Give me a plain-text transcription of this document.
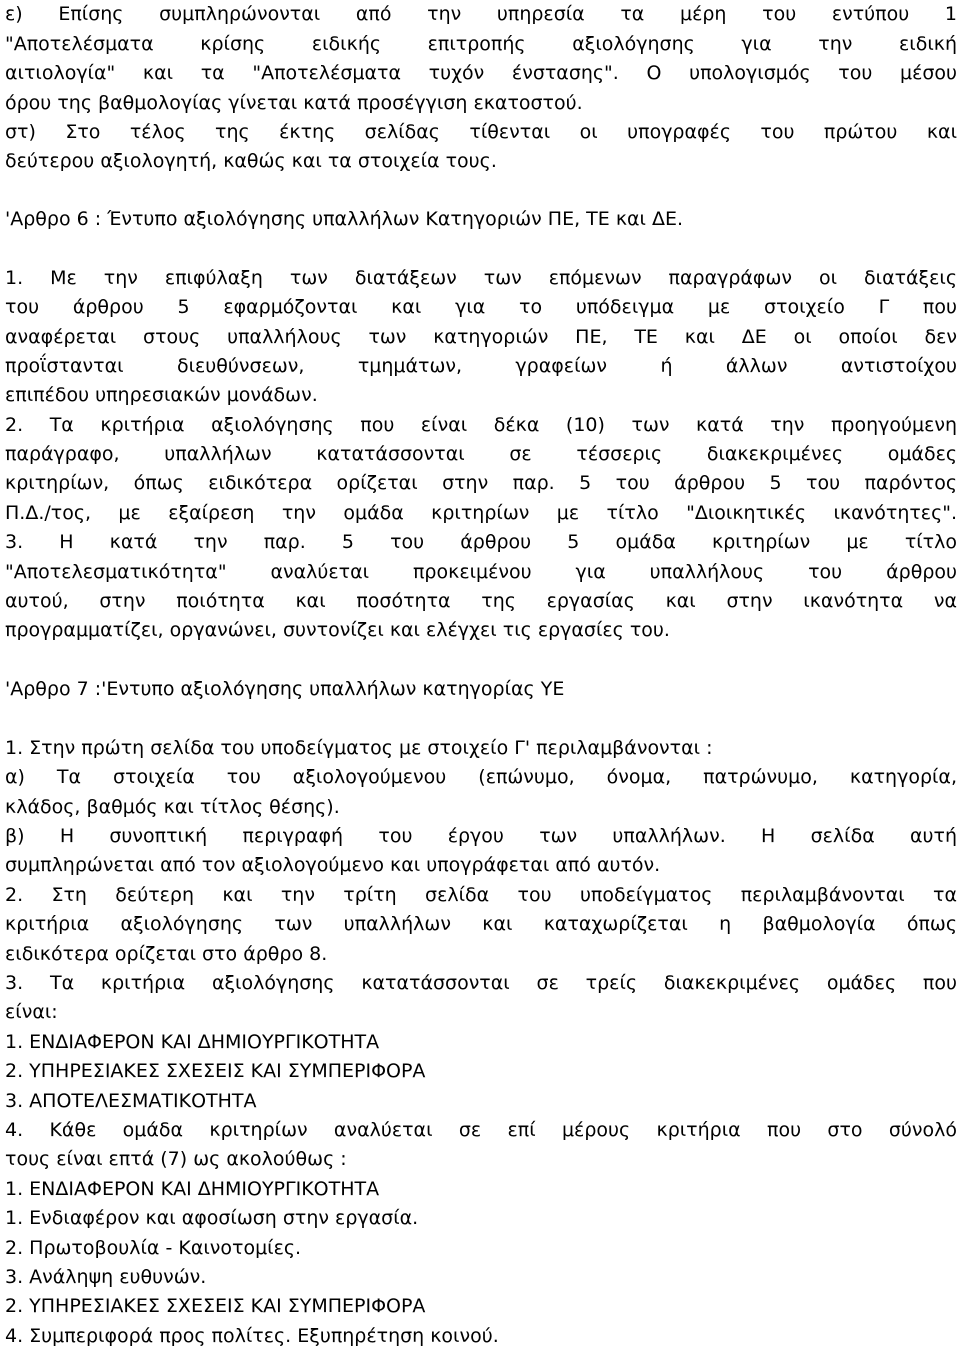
ε) Επίσης συμπληρώνονται από την υπηρεσία τα μέρη του εντύπου 1
"Αποτελέσματα κρίσης ειδικής επιτροπής αξιολόγησης για την ειδική
αιτιολογία" και τα "Αποτελέσματα τυχόν ένστασης". Ο υπολογισμός του μέσου
όρου της βαθμολογίας γίνεται κατά προσέγγιση εκατοστού.
στ) Στο τέλος της έκτης σελίδας τίθενται οι υπογραφές του πρώτου και
δεύτερου αξιολογητή, καθώς και τα στοιχεία τους.
'Αρθρο 6 : Έντυπο αξιολόγησης υπαλλήλων Κατηγοριών ΠΕ, ΤΕ και ΔΕ.
1. Με την επιφύλαξη των διατάξεων των επόμενων παραγράφων οι διατάξεις
του άρθρου 5 εφαρμόζονται και για το υπόδειγμα με στοιχείο Γ που
αναφέρεται στους υπαλλήλους των κατηγοριών ΠΕ, ΤΕ και ΔΕ οι οποίοι δεν
προΐστανται διευθύνσεων, τμημάτων, γραφείων ή άλλων αντιστοίχου
επιπέδου υπηρεσιακών μονάδων.
2. Τα κριτήρια αξιολόγησης που είναι δέκα (10) των κατά την προηγούμενη
παράγραφο, υπαλλήλων κατατάσσονται σε τέσσερις διακεκριμένες ομάδες
κριτηρίων, όπως ειδικότερα ορίζεται στην παρ. 5 του άρθρου 5 του παρόντος
Π.Δ./τος, με εξαίρεση την ομάδα κριτηρίων με τίτλο "Διοικητικές ικανότητες".
3. Η κατά την παρ. 5 του άρθρου 5 ομάδα κριτηρίων με τίτλο
"Αποτελεσματικότητα" αναλύεται προκειμένου για υπαλλήλους του άρθρου
αυτού, στην ποιότητα και ποσότητα της εργασίας και στην ικανότητα να
προγραμματίζει, οργανώνει, συντονίζει και ελέγχει τις εργασίες του.
'Αρθρο 7 :'Εντυπο αξιολόγησης υπαλλήλων κατηγορίας ΥΕ
1. Στην πρώτη σελίδα του υποδείγματος με στοιχείο Γ' περιλαμβάνονται :
α) Τα στοιχεία του αξιολογούμενου (επώνυμο, όνομα, πατρώνυμο, κατηγορία,
κλάδος, βαθμός και τίτλος θέσης).
β) Η συνοπτική περιγραφή του έργου των υπαλλήλων. Η σελίδα αυτή
συμπληρώνεται από τον αξιολογούμενο και υπογράφεται από αυτόν.
2. Στη δεύτερη και την τρίτη σελίδα του υποδείγματος περιλαμβάνονται τα
κριτήρια αξιολόγησης των υπαλλήλων και καταχωρίζεται η βαθμολογία όπως
ειδικότερα ορίζεται στο άρθρο 8.
3. Τα κριτήρια αξιολόγησης κατατάσσονται σε τρείς διακεκριμένες ομάδες που
είναι:
1. ΕΝΔΙΑΦΕΡΟΝ ΚΑΙ ΔΗΜΙΟΥΡΓΙΚΟΤΗΤΑ
2. ΥΠΗΡΕΣΙΑΚΕΣ ΣΧΕΣΕΙΣ ΚΑΙ ΣΥΜΠΕΡΙΦΟΡΑ
3. ΑΠΟΤΕΛΕΣΜΑΤΙΚΟΤΗΤΑ
4. Κάθε ομάδα κριτηρίων αναλύεται σε επί μέρους κριτήρια που στο σύνολό
τους είναι επτά (7) ως ακολούθως :
1. ΕΝΔΙΑΦΕΡΟΝ ΚΑΙ ΔΗΜΙΟΥΡΓΙΚΟΤΗΤΑ
1. Ενδιαφέρον και αφοσίωση στην εργασία.
2. Πρωτοβουλία - Καινοτομίες.
3. Ανάληψη ευθυνών.
2. ΥΠΗΡΕΣΙΑΚΕΣ ΣΧΕΣΕΙΣ ΚΑΙ ΣΥΜΠΕΡΙΦΟΡΑ
4. Συμπεριφορά προς πολίτες. Εξυπηρέτηση κοινού.
